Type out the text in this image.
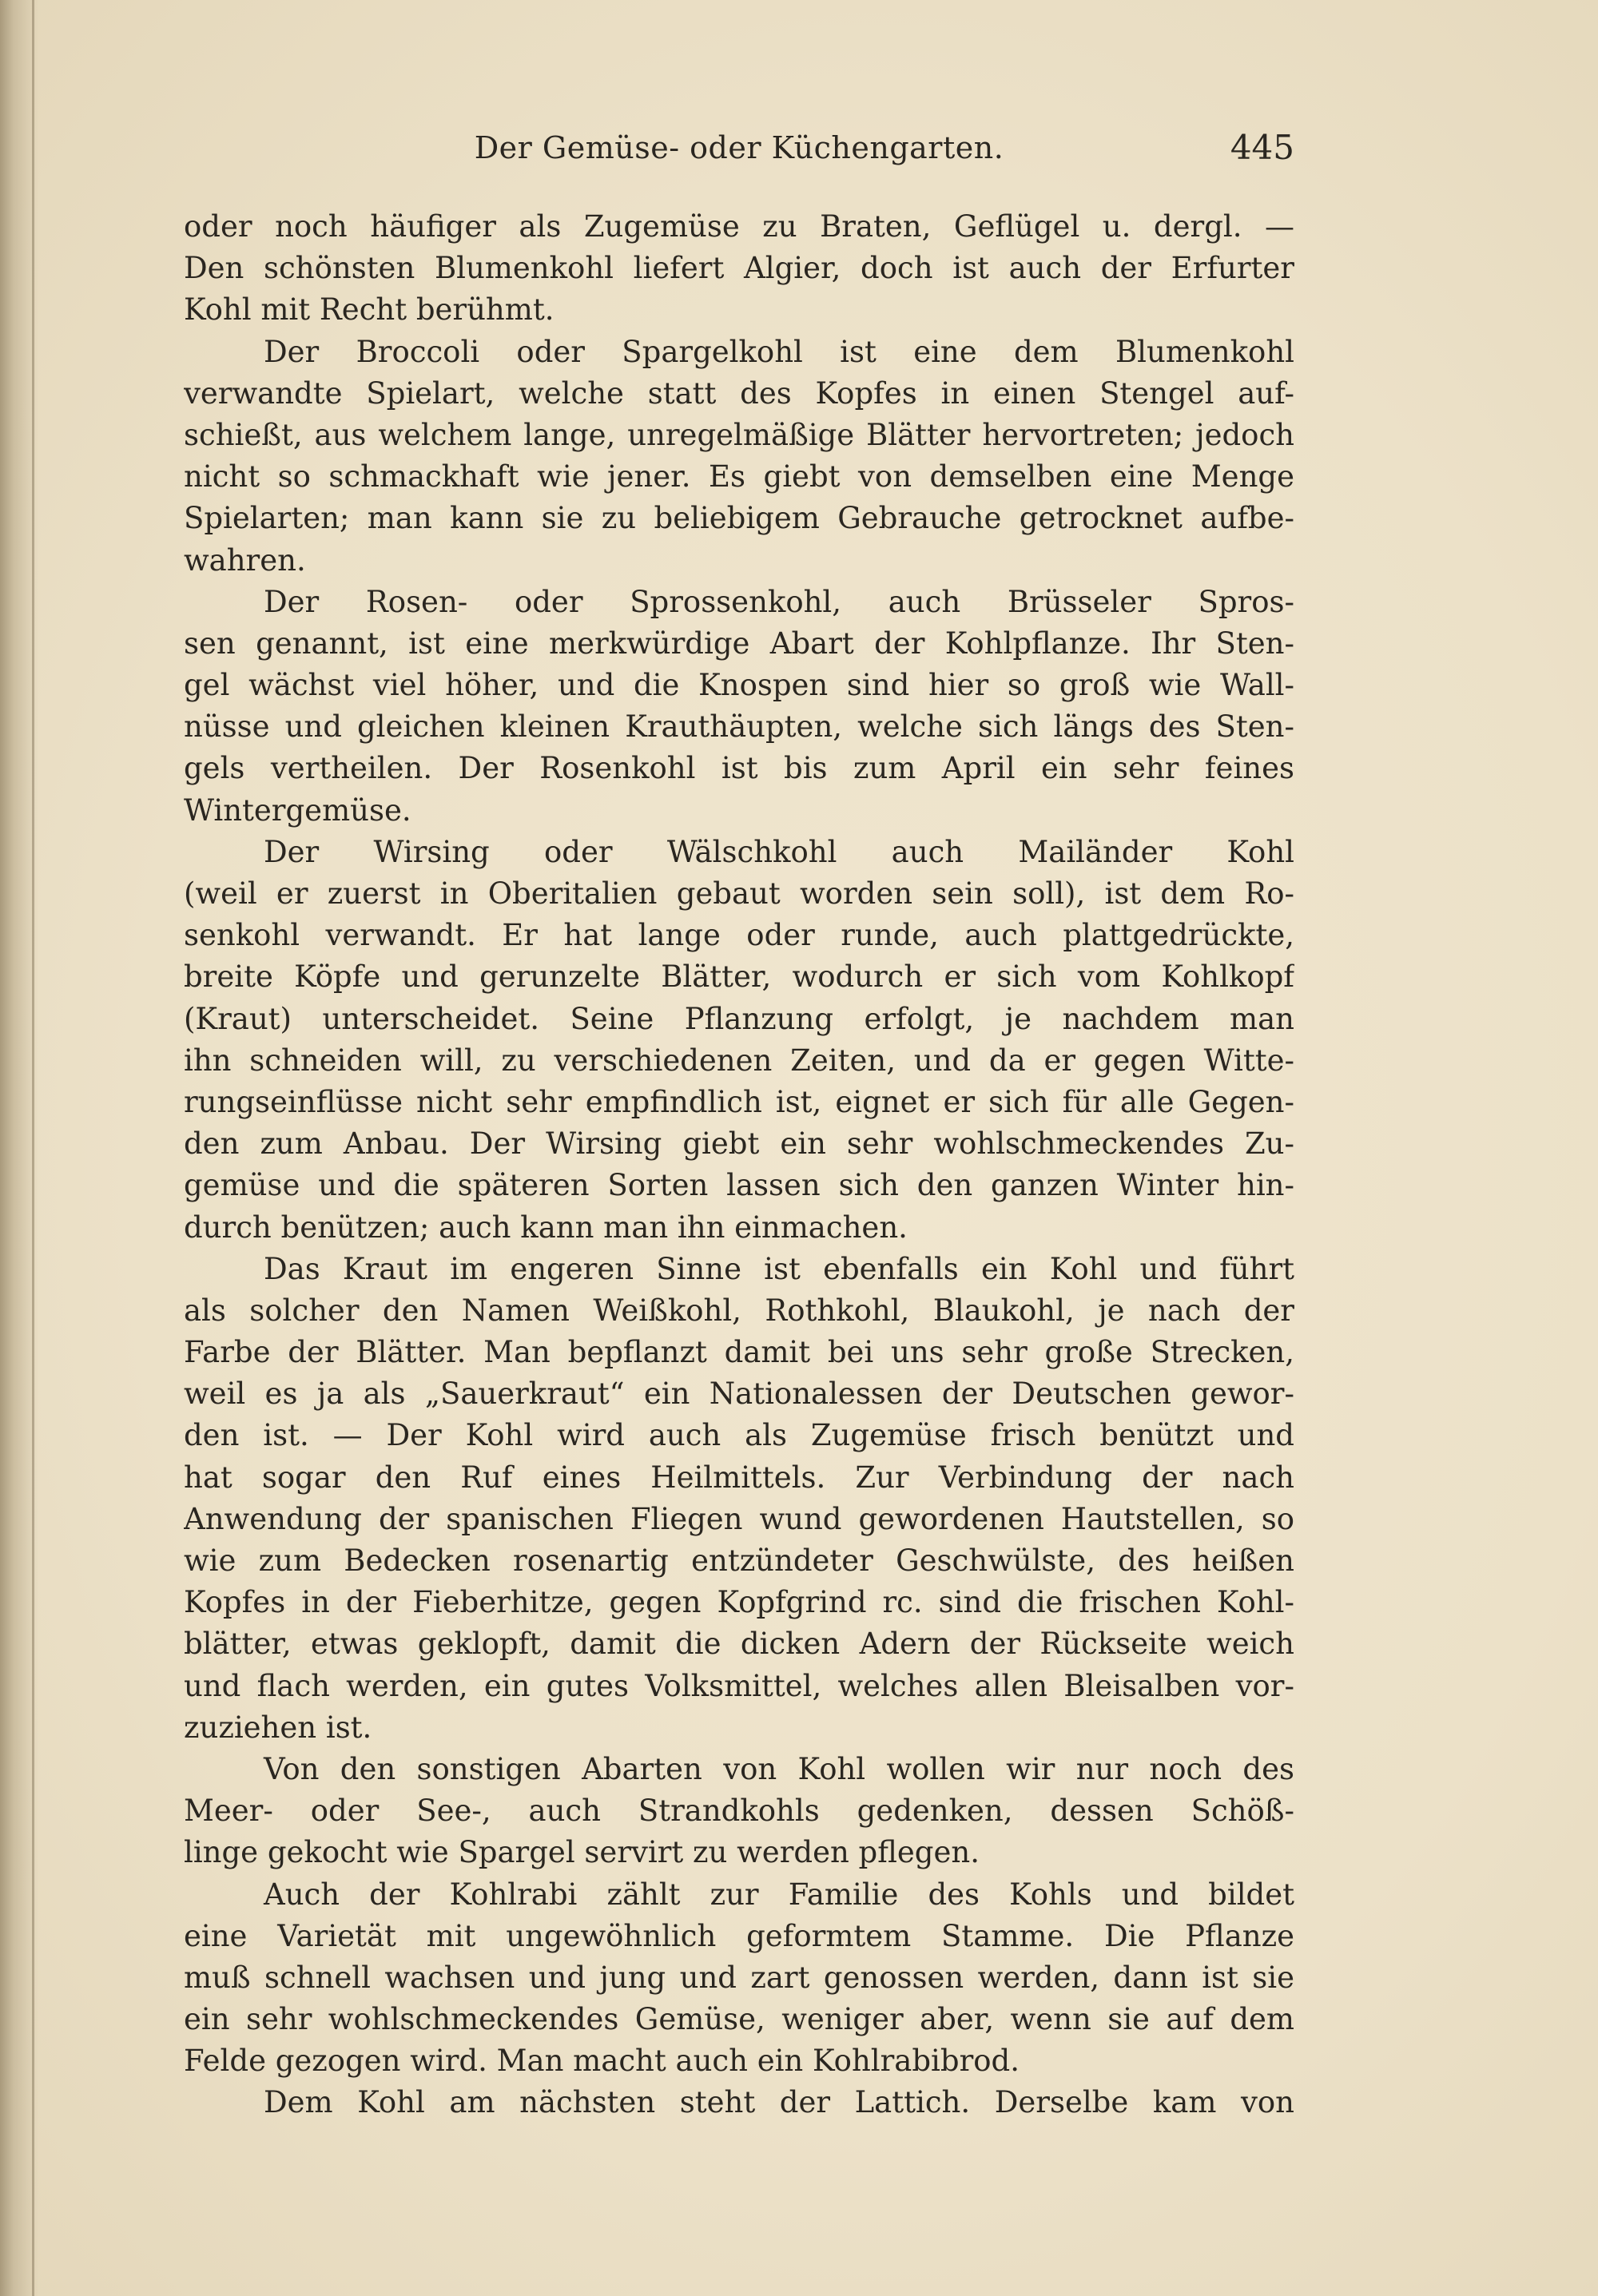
Der Gemüse- oder Küchengarten.	445
oder noch häufiger als Zugemüse zu Braten, Geflügel u. dergl. —
Den schönsten Blumenkohl liefert Algier, doch ist auch der Erfurter
Kohl mit Recht berühmt.
Der Broccoli oder Spargelkohl ist eine dem Blumenkohl
verwandte Spielart, welche statt des Kopfes in einen Stengel auf-
schießt, aus welchem lange, unregelmäßige Blätter hervortreten; jedoch
nicht so schmackhaft wie jener. Es giebt von demselben eine Menge
Spielarten; man kann sie zu beliebigem Gebrauche getrocknet aufbe-
wahren.
Der Rosen- oder Sprossenkohl, auch Brüsseler Spros-
sen genannt, ist eine merkwürdige Abart der Kohlpflanze. Ihr Sten-
gel wächst viel höher, und die Knospen sind hier so groß wie Wall-
nüsse und gleichen kleinen Krauthäupten, welche sich längs des Sten-
gels vertheilen. Der Rosenkohl ist bis zum April ein sehr feines
Wintergemüse.
Der Wirsing oder Wälschkohl auch Mailänder Kohl
(weil er zuerst in Oberitalien gebaut worden sein soll), ist dem Ro-
senkohl verwandt. Er hat lange oder runde, auch plattgedrückte,
breite Köpfe und gerunzelte Blätter, wodurch er sich vom Kohlkopf
(Kraut) unterscheidet. Seine Pflanzung erfolgt, je nachdem man
ihn schneiden will, zu verschiedenen Zeiten, und da er gegen Witte-
rungseinflüsse nicht sehr empfindlich ist, eignet er sich für alle Gegen-
den zum Anbau. Der Wirsing giebt ein sehr wohlschmeckendes Zu-
gemüse und die späteren Sorten lassen sich den ganzen Winter hin-
durch benützen; auch kann man ihn einmachen.
Das Kraut im engeren Sinne ist ebenfalls ein Kohl und führt
als solcher den Namen Weißkohl, Rothkohl, Blaukohl, je nach der
Farbe der Blätter. Man bepflanzt damit bei uns sehr große Strecken,
weil es ja als „Sauerkraut“ ein Nationalessen der Deutschen gewor-
den ist. — Der Kohl wird auch als Zugemüse frisch benützt und
hat sogar den Ruf eines Heilmittels. Zur Verbindung der nach
Anwendung der spanischen Fliegen wund gewordenen Hautstellen, so
wie zum Bedecken rosenartig entzündeter Geschwülste, des heißen
Kopfes in der Fieberhitze, gegen Kopfgrind rc. sind die frischen Kohl-
blätter, etwas geklopft, damit die dicken Adern der Rückseite weich
und flach werden, ein gutes Volksmittel, welches allen Bleisalben vor-
zuziehen ist.
Von den sonstigen Abarten von Kohl wollen wir nur noch des
Meer- oder See-, auch Strandkohls gedenken, dessen Schöß-
linge gekocht wie Spargel servirt zu werden pflegen.
Auch der Kohlrabi zählt zur Familie des Kohls und bildet
eine Varietät mit ungewöhnlich geformtem Stamme. Die Pflanze
muß schnell wachsen und jung und zart genossen werden, dann ist sie
ein sehr wohlschmeckendes Gemüse, weniger aber, wenn sie auf dem
Felde gezogen wird. Man macht auch ein Kohlrabibrod.
Dem Kohl am nächsten steht der Lattich. Derselbe kam von
